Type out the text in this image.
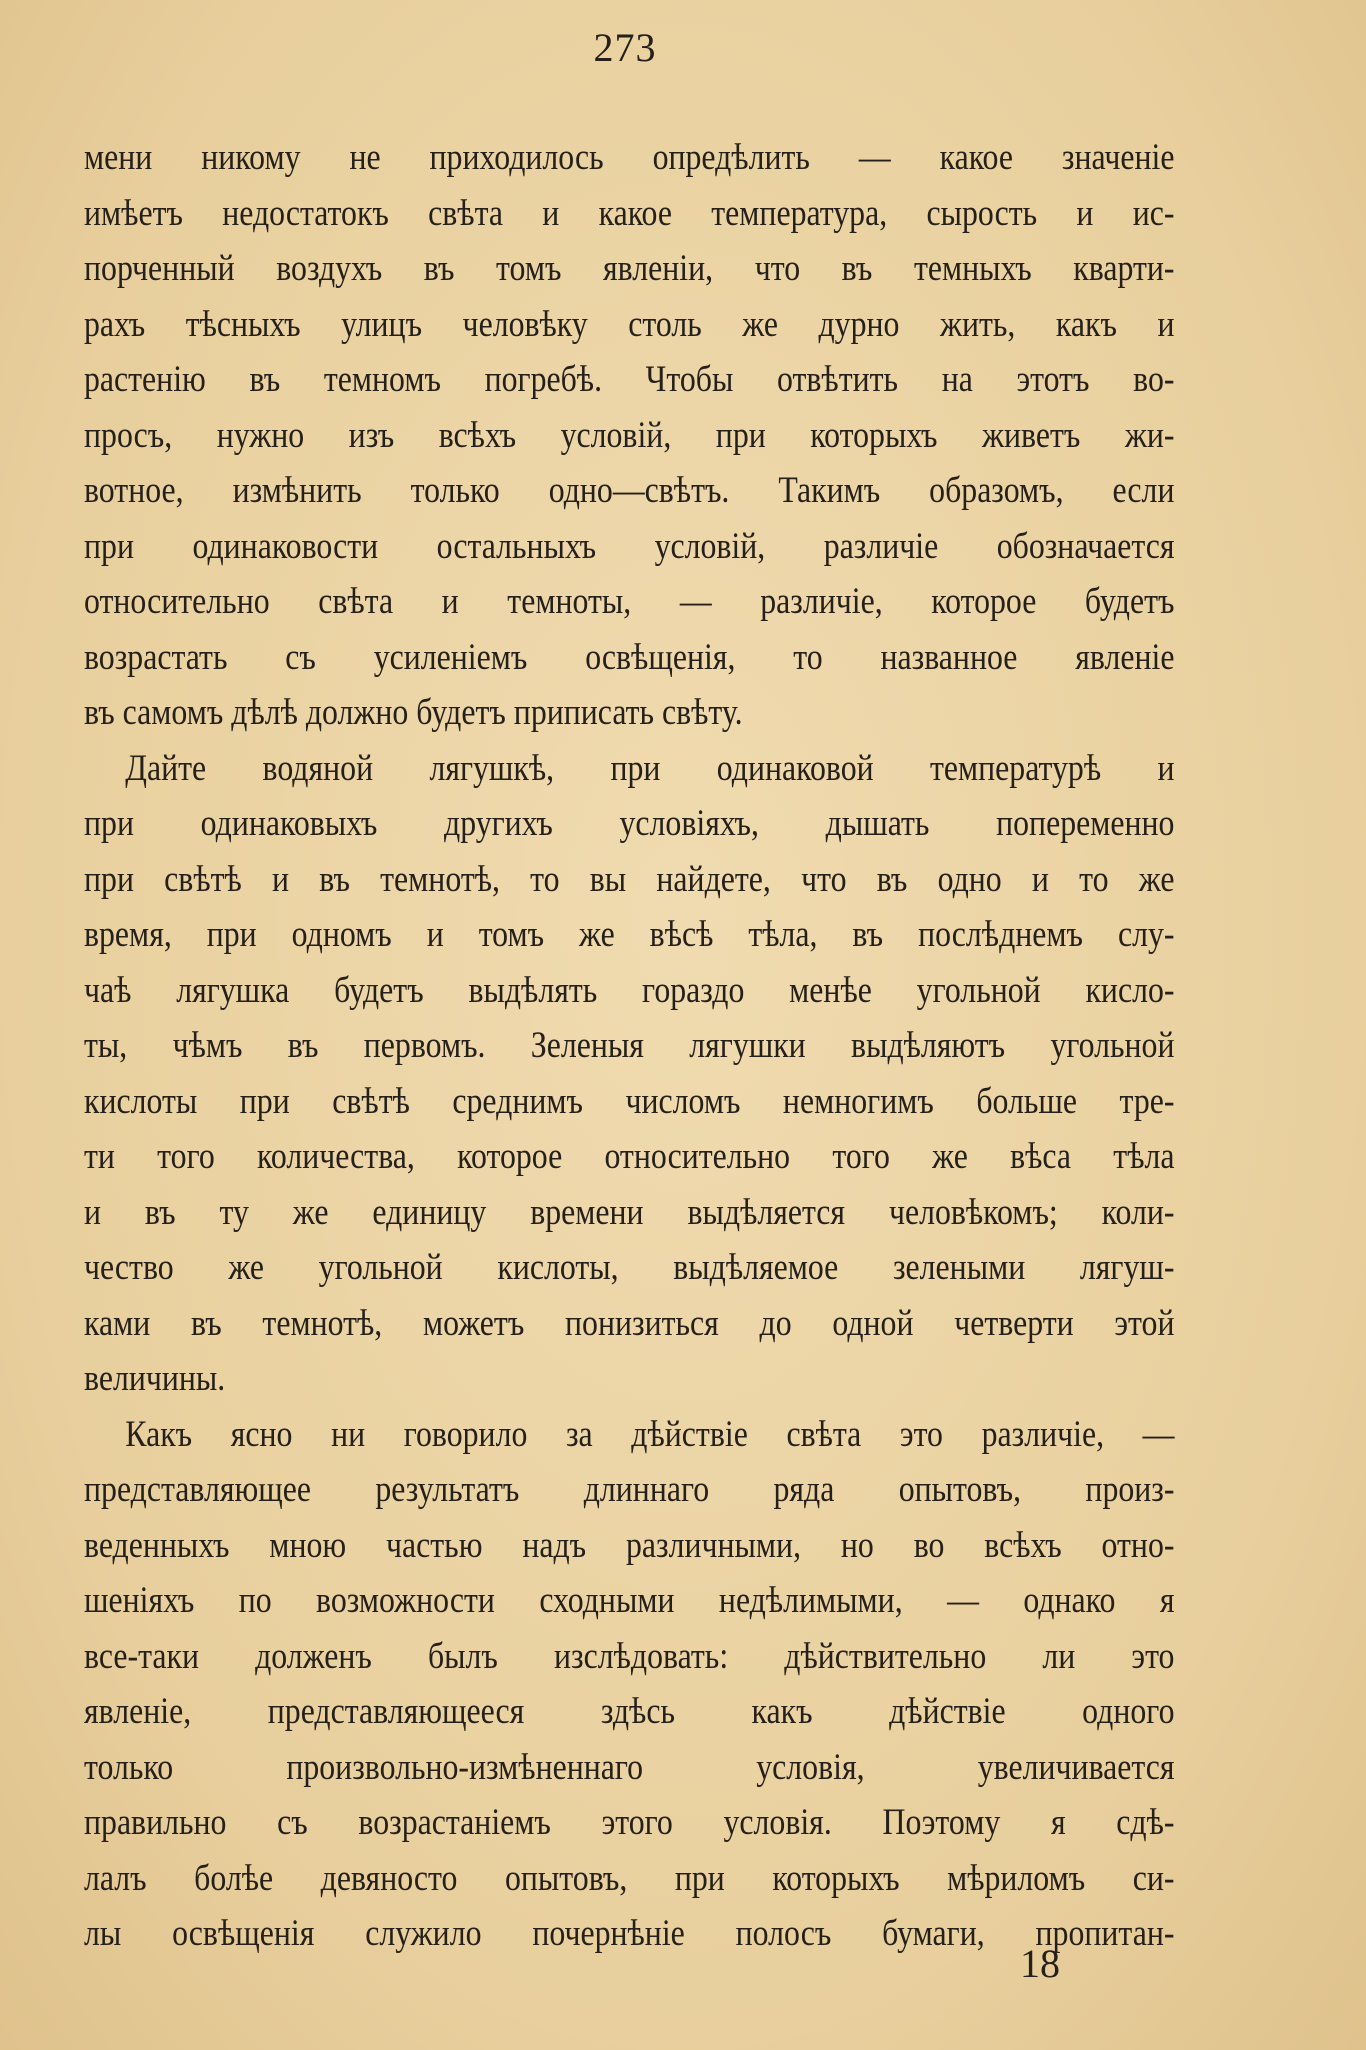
273
мени никому не приходилось опредѣлить — какое значенiе
имѣетъ недостатокъ свѣта и какое температура, сырость и ис-
порченный воздухъ въ томъ явленiи, что въ темныхъ кварти-
рахъ тѣсныхъ улицъ человѣку столь же дурно жить, какъ и
растенiю въ темномъ погребѣ. Чтобы отвѣтить на этотъ во-
просъ, нужно изъ всѣхъ условiй, при которыхъ живетъ жи-
вотное, измѣнить только одно—свѣтъ. Такимъ образомъ, если
при одинаковости остальныхъ условiй, различiе обозначается
относительно свѣта и темноты, — различiе, которое будетъ
возрастать съ усиленiемъ освѣщенiя, то названное явленiе
въ самомъ дѣлѣ должно будетъ приписать свѣту.
Дайте водяной лягушкѣ, при одинаковой температурѣ и
при одинаковыхъ другихъ условiяхъ, дышать попеременно
при свѣтѣ и въ темнотѣ, то вы найдете, что въ одно и то же
время, при одномъ и томъ же вѣсѣ тѣла, въ послѣднемъ слу-
чаѣ лягушка будетъ выдѣлять гораздо менѣе угольной кисло-
ты, чѣмъ въ первомъ. Зеленыя лягушки выдѣляютъ угольной
кислоты при свѣтѣ среднимъ числомъ немногимъ больше тре-
ти того количества, которое относительно того же вѣса тѣла
и въ ту же единицу времени выдѣляется человѣкомъ; коли-
чество же угольной кислоты, выдѣляемое зелеными лягуш-
ками въ темнотѣ, можетъ понизиться до одной четверти этой
величины.
Какъ ясно ни говорило за дѣйствiе свѣта это различiе, —
представляющее результатъ длиннаго ряда опытовъ, произ-
веденныхъ мною частью надъ различными, но во всѣхъ отно-
шенiяхъ по возможности сходными недѣлимыми, — однако я
все-таки долженъ былъ изслѣдовать: дѣйствительно ли это
явленiе, представляющееся здѣсь какъ дѣйствiе одного
только произвольно-измѣненнаго условiя, увеличивается
правильно съ возрастанiемъ этого условiя. Поэтому я сдѣ-
лалъ болѣе девяносто опытовъ, при которыхъ мѣриломъ си-
лы освѣщенiя служило почернѣнiе полосъ бумаги, пропитан-
18
